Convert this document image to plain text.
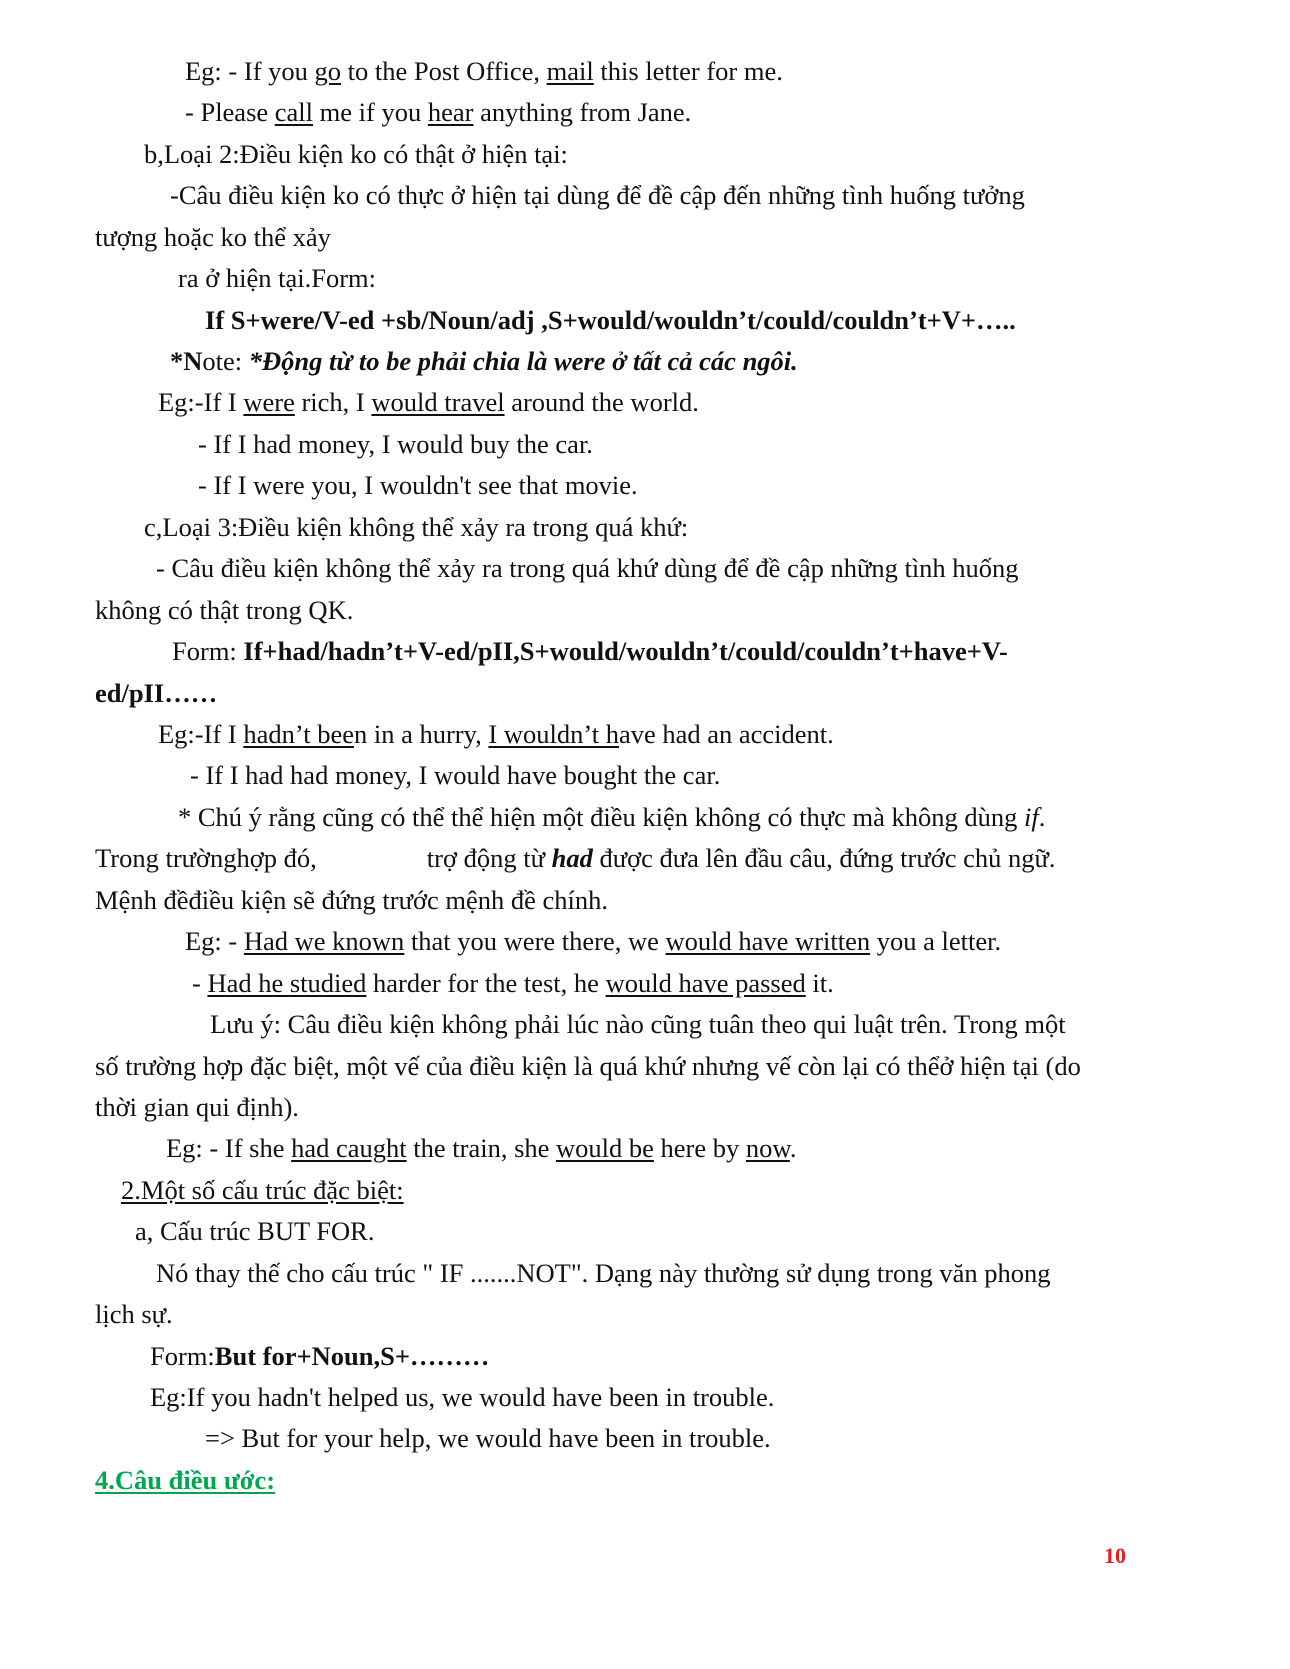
Eg: - If you go to the Post Office, mail this letter for me.
- Please call me if you hear anything from Jane.
b,Loại 2:Điều kiện ko có thật ở hiện tại:
-Câu điều kiện ko có thực ở hiện tại dùng để đề cập đến những tình huống tưởng
tượng hoặc ko thể xảy
ra ở hiện tại.Form:
If S+were/V-ed +sb/Noun/adj ,S+would/wouldn’t/could/couldn’t+V+…..
*Note: *Động từ to be phải chia là were ở tất cả các ngôi.
Eg:-If I were rich, I would travel around the world.
- If I had money, I would buy the car.
- If I were you, I wouldn't see that movie.
c,Loại 3:Điều kiện không thể xảy ra trong quá khứ:
- Câu điều kiện không thể xảy ra trong quá khứ dùng để đề cập những tình huống
không có thật trong QK.
Form: If+had/hadn’t+V-ed/pII,S+would/wouldn’t/could/couldn’t+have+V-
ed/pII……
Eg:-If I hadn’t been in a hurry, I wouldn’t have had an accident.
- If I had had money, I would have bought the car.
* Chú ý rằng cũng có thể thể hiện một điều kiện không có thực mà không dùng if.
Trong trườnghợp đó,	trợ động từ had được đưa lên đầu câu, đứng trước chủ ngữ.
Mệnh đềđiều kiện sẽ đứng trước mệnh đề chính.
Eg: - Had we known that you were there, we would have written you a letter.
- Had he studied harder for the test, he would have passed it.
Lưu ý: Câu điều kiện không phải lúc nào cũng tuân theo qui luật trên. Trong một
số trường hợp đặc biệt, một vế của điều kiện là quá khứ nhưng vế còn lại có thểở hiện tại (do
thời gian qui định).
Eg: - If she had caught the train, she would be here by now.
2.Một số cấu trúc đặc biệt:
a, Cấu trúc BUT FOR.
Nó thay thế cho cấu trúc " IF .......NOT". Dạng này thường sử dụng trong văn phong
lịch sự.
Form:But for+Noun,S+………
Eg:If you hadn't helped us, we would have been in trouble.
=> But for your help, we would have been in trouble.
4.Câu điều ước:
10
